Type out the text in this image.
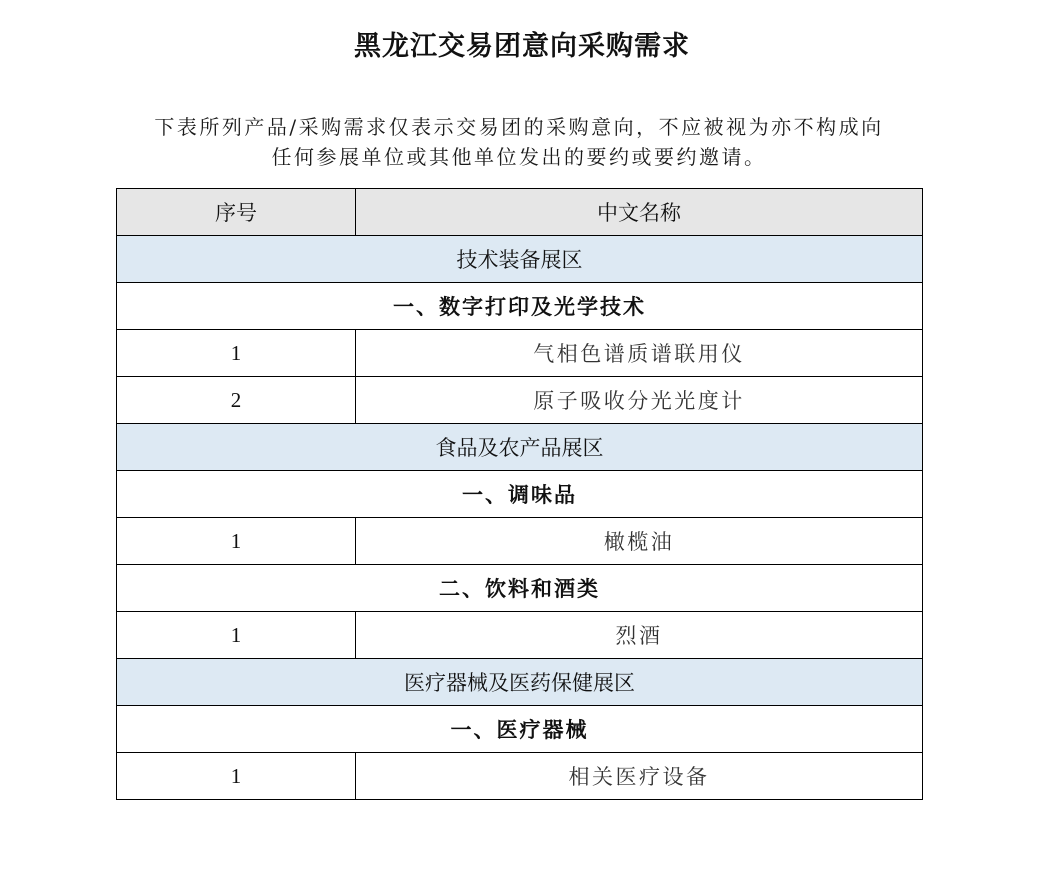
黑龙江交易团意向采购需求
下表所列产品/采购需求仅表示交易团的采购意向，不应被视为亦不构成向
任何参展单位或其他单位发出的要约或要约邀请。
序号	中文名称
技术装备展区	
一、数字打印及光学技术	
1	气相色谱质谱联用仪
2	原子吸收分光光度计
食品及农产品展区	
一、调味品	
1	橄榄油
二、饮料和酒类	
1	烈酒
医疗器械及医药保健展区	
一、医疗器械	
1	相关医疗设备
